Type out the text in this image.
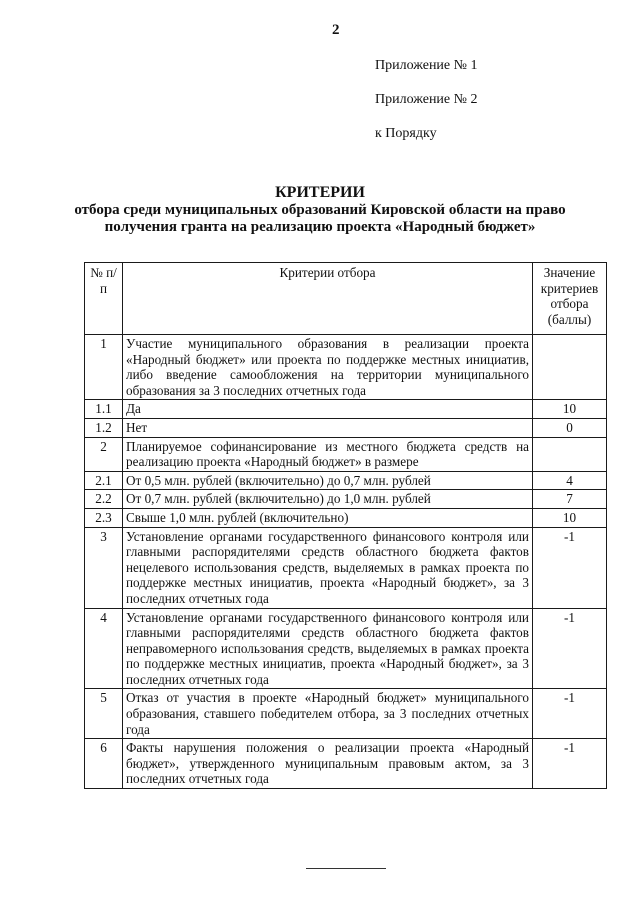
2
Приложение № 1
Приложение № 2
к Порядку
КРИТЕРИИ
отбора среди муниципальных образований Кировской области на право
получения гранта на реализацию проекта «Народный бюджет»
№ п/п	Критерии отбора	Значение критериев отбора (баллы)
1	Участие муниципального образования в реализации проекта «Народный бюджет» или проекта по поддержке местных инициатив, либо введение самообложения на территории муниципального образования за 3 последних отчетных года	
1.1	Да	10
1.2	Нет	0
2	Планируемое софинансирование из местного бюджета средств на реализацию проекта «Народный бюджет» в размере	
2.1	От 0,5 млн. рублей (включительно) до 0,7 млн. рублей	4
2.2	От 0,7 млн. рублей (включительно) до 1,0 млн. рублей	7
2.3	Свыше 1,0 млн. рублей (включительно)	10
3	Установление органами государственного финансового контроля или главными распорядителями средств областного бюджета фактов нецелевого использования средств, выделяемых в рамках проекта по поддержке местных инициатив, проекта «Народный бюджет», за 3 последних отчетных года	-1
4	Установление органами государственного финансового контроля или главными распорядителями средств областного бюджета фактов неправомерного использования средств, выделяемых в рамках проекта по поддержке местных инициатив, проекта «Народный бюджет», за 3 последних отчетных года	-1
5	Отказ от участия в проекте «Народный бюджет» муниципального образования, ставшего победителем отбора, за 3 последних отчетных года	-1
6	Факты нарушения положения о реализации проекта «Народный бюджет», утвержденного муниципальным правовым актом, за 3 последних отчетных года	-1
